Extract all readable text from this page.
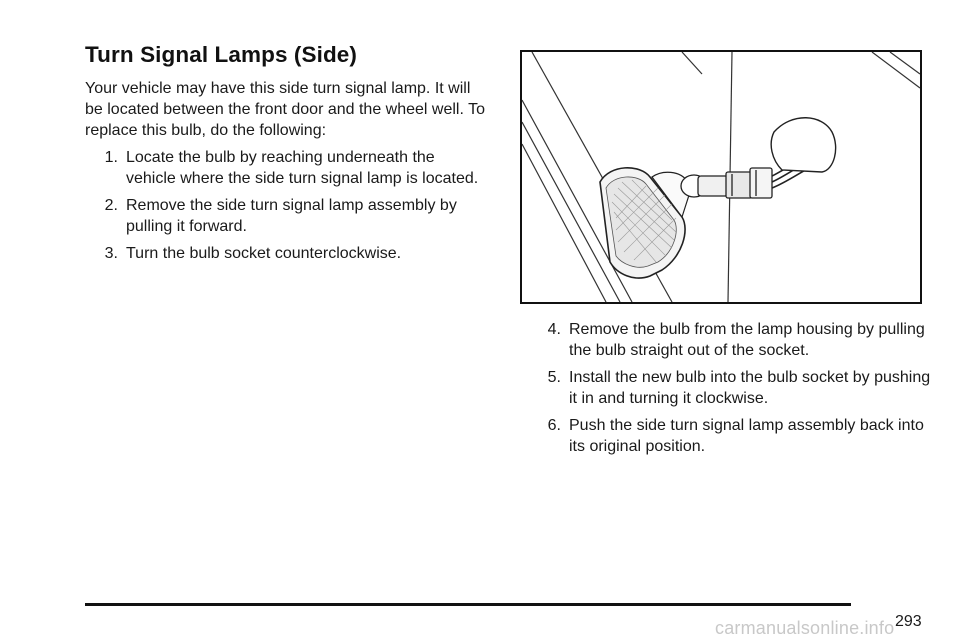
Turn Signal Lamps (Side)

Your vehicle may have this side turn signal lamp. It will be located between the front door and the wheel well. To replace this bulb, do the following:

1. Locate the bulb by reaching underneath the vehicle where the side turn signal lamp is located.
2. Remove the side turn signal lamp assembly by pulling it forward.
3. Turn the bulb socket counterclockwise.
4. Remove the bulb from the lamp housing by pulling the bulb straight out of the socket.
5. Install the new bulb into the bulb socket by pushing it in and turning it clockwise.
6. Push the side turn signal lamp assembly back into its original position.
carmanualsonline.info 293
